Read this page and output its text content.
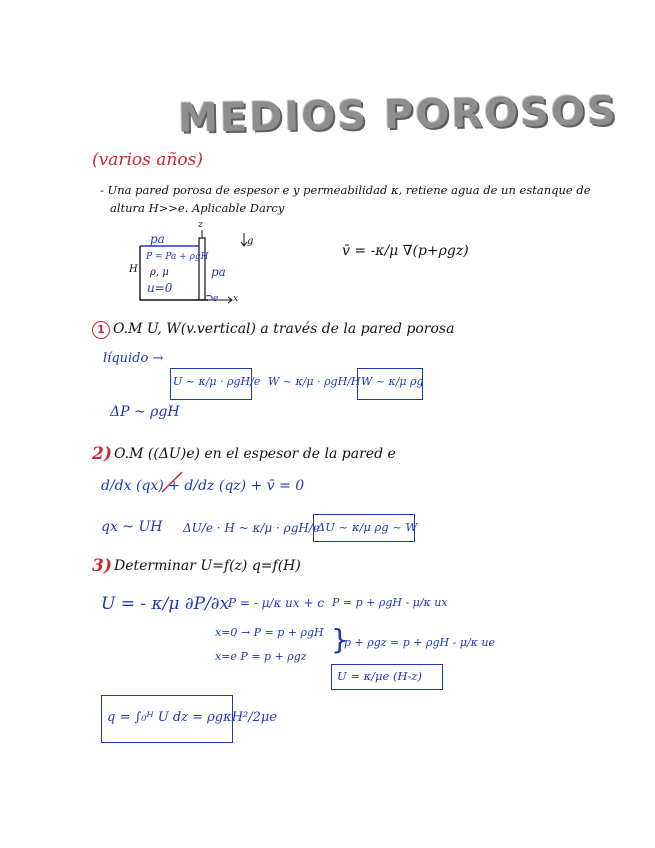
MEDIOS POROSOS
(varios años)
- Una pared porosa de espesor e y permeabilidad κ, retiene agua de un estanque de
altura H>>e. Aplicable Darcy
pa
P = Pa + ρgH
ρ, μ
u=0
H
z
x
e
g
pa
v̄ = -κ/μ ∇(p+ρgz)
1 O.M U, W(v.vertical) a través de la pared porosa
líquido →
U ~ κ/μ · ρgH/e W ~ κ/μ · ρgH/H W ~ κ/μ ρg
ΔP ~ ρgH
2) O.M ((ΔU)e) en el espesor de la pared e
d/dx (qx) + d/dz (qz) + v̄ = 0
qx ~ UH ΔU/e · H ~ κ/μ · ρgH/e
ΔU ~ κ/μ ρg ~ W
3) Determinar U=f(z) q=f(H)
U = - κ/μ ∂P/∂x
P = - μ/κ ux + c P = p + ρgH - μ/κ ux
x=0 → P = p + ρgH
x=e P = p + ρgz
}
p + ρgz = p + ρgH - μ/κ ue
U = κ/μe (H-z)
q = ∫₀ᴴ U dz = ρgκH²/2μe
